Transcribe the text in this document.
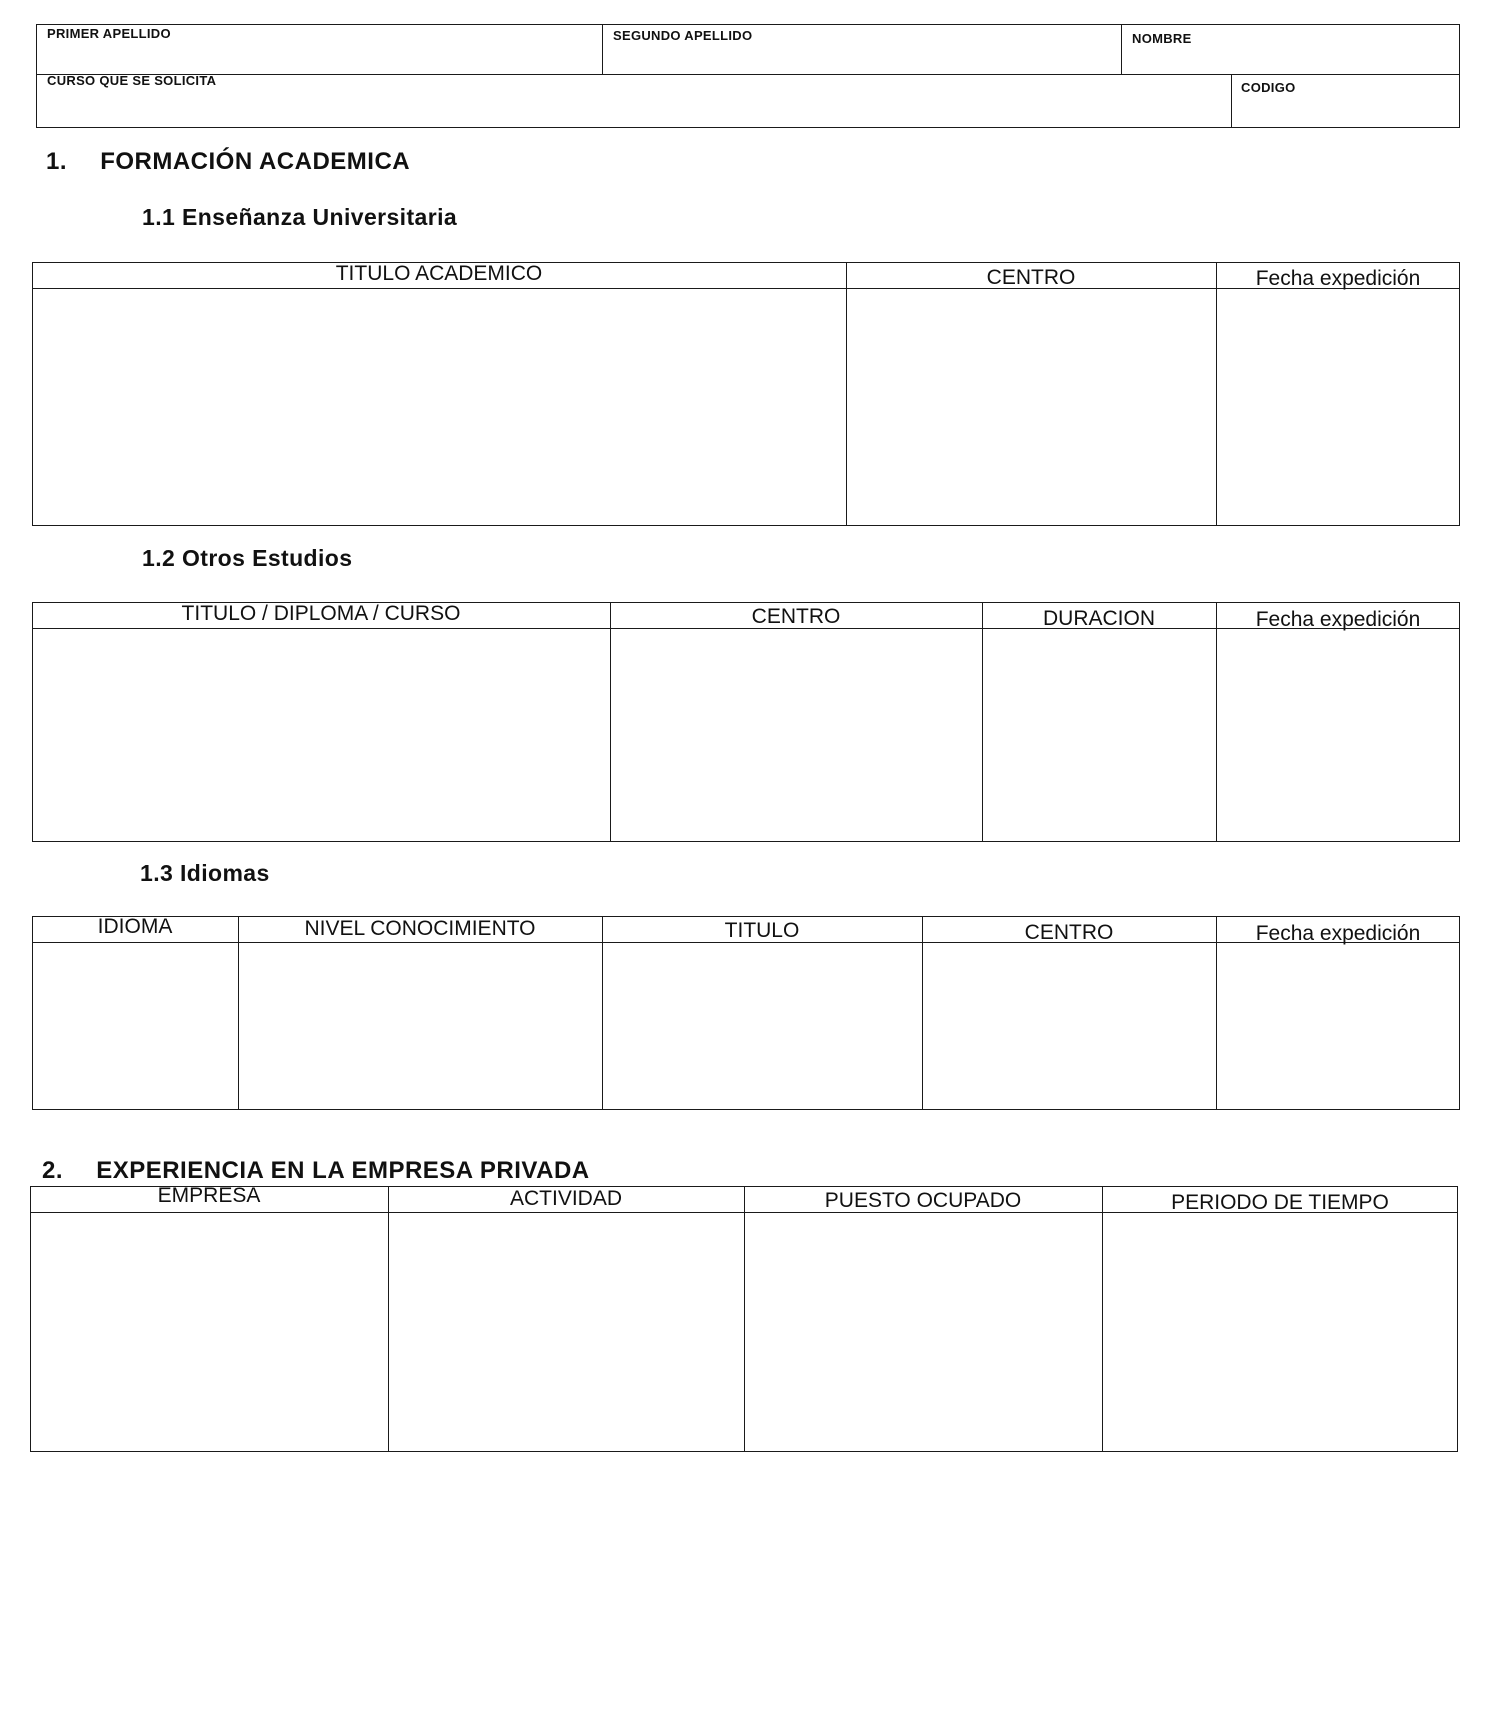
PRIMER APELLIDO	SEGUNDO APELLIDO	NOMBRE
CURSO QUE SE SOLICITA	CODIGO
1. FORMACIÓN ACADEMICA
1.1 Enseñanza Universitaria
TITULO ACADEMICO	CENTRO	Fecha expedición
1.2 Otros Estudios
TITULO / DIPLOMA / CURSO	CENTRO	DURACION	Fecha expedición
1.3 Idiomas
IDIOMA	NIVEL CONOCIMIENTO	TITULO	CENTRO	Fecha expedición
2. EXPERIENCIA EN LA EMPRESA PRIVADA
EMPRESA	ACTIVIDAD	PUESTO OCUPADO	PERIODO DE TIEMPO
